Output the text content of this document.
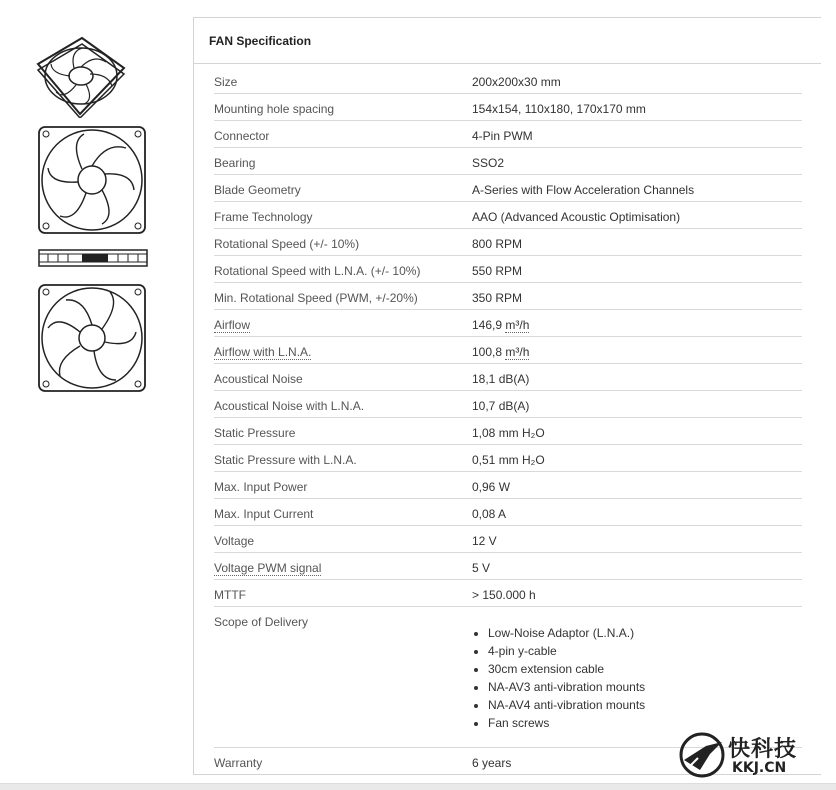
FAN Specification
Size	200x200x30 mm
Mounting hole spacing	154x154, 110x180, 170x170 mm
Connector	4-Pin PWM
Bearing	SSO2
Blade Geometry	A-Series with Flow Acceleration Channels
Frame Technology	AAO (Advanced Acoustic Optimisation)
Rotational Speed (+/- 10%)	800 RPM
Rotational Speed with L.N.A. (+/- 10%)	550 RPM
Min. Rotational Speed (PWM, +/-20%)	350 RPM
Airflow	146,9 m³/h
Airflow with L.N.A.	100,8 m³/h
Acoustical Noise	18,1 dB(A)
Acoustical Noise with L.N.A.	10,7 dB(A)
Static Pressure	1,08 mm H₂O
Static Pressure with L.N.A.	0,51 mm H₂O
Max. Input Power	0,96 W
Max. Input Current	0,08 A
Voltage	12 V
Voltage PWM signal	5 V
MTTF	> 150.000 h
Scope of Delivery
Low-Noise Adaptor (L.N.A.)
4-pin y-cable
30cm extension cable
NA-AV3 anti-vibration mounts
NA-AV4 anti-vibration mounts
Fan screws
Warranty	6 years
快科技
KKJ.CN
